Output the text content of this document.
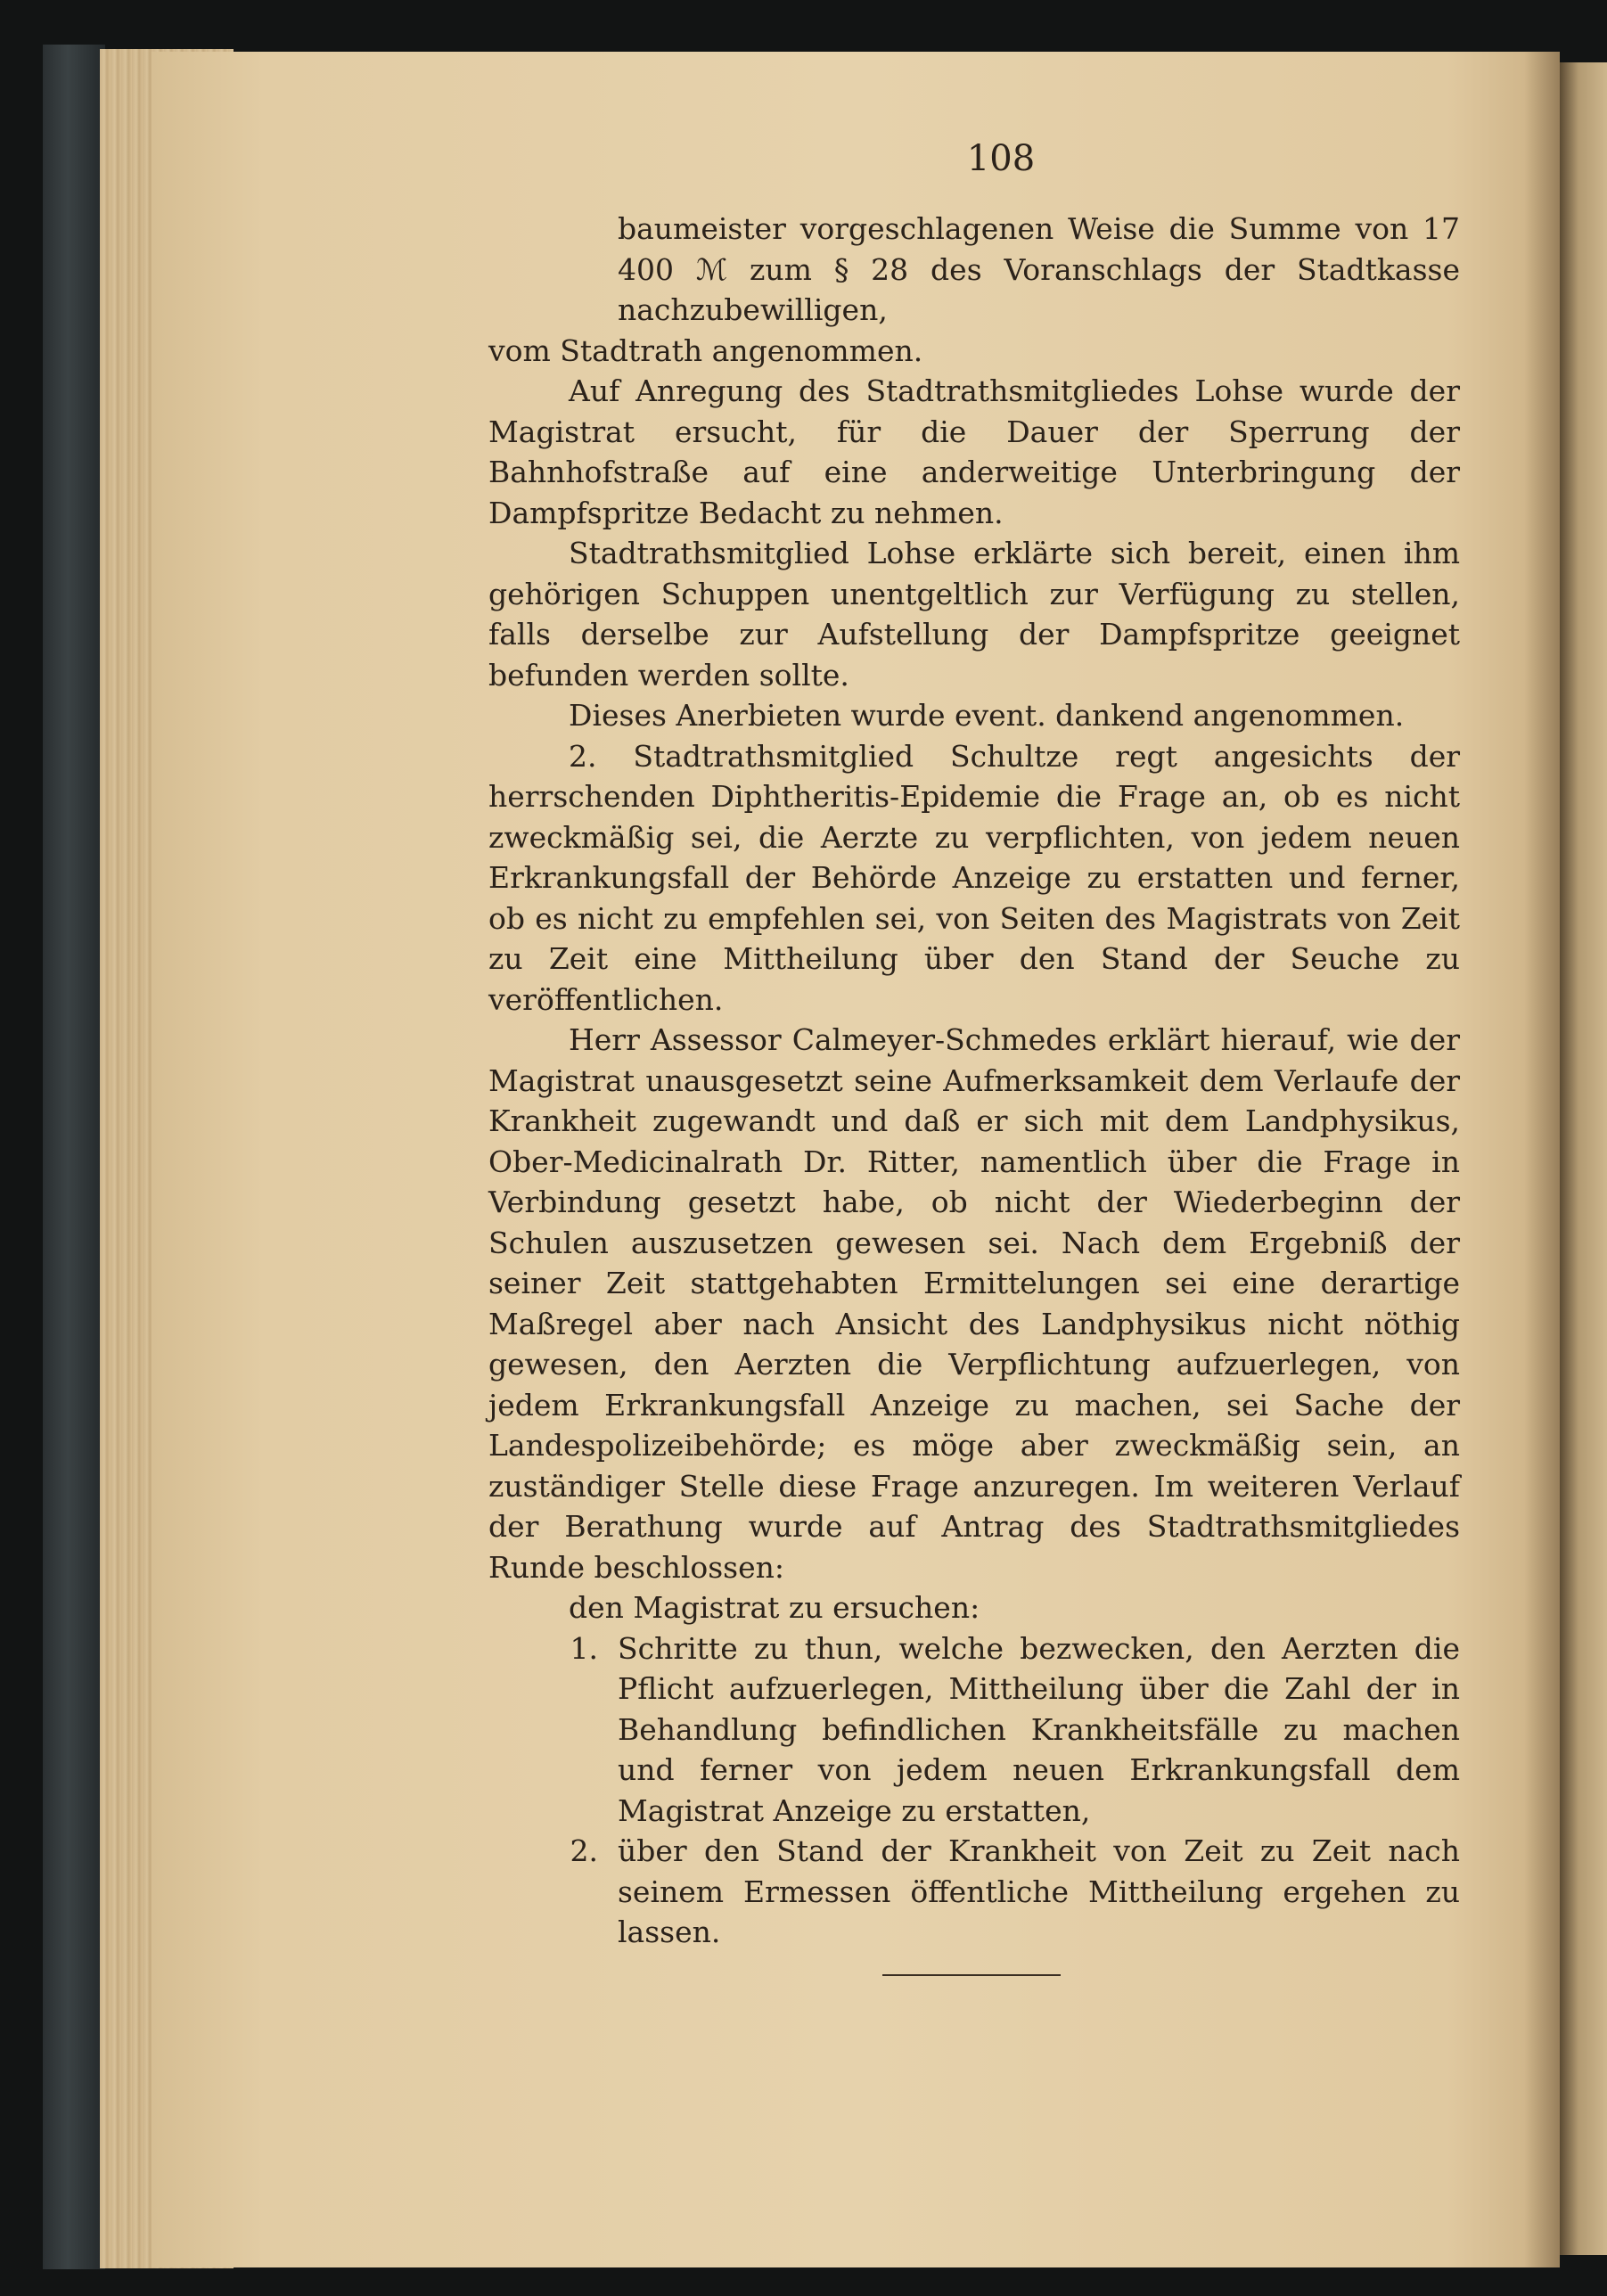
108

baumeister vorgeschlagenen Weise die Summe von 17 400 ℳ zum § 28 des Voranschlags der Stadtkasse nachzubewilligen,

vom Stadtrath angenommen.

Auf Anregung des Stadtrathsmitgliedes Lohse wurde der Magistrat ersucht, für die Dauer der Sperrung der Bahnhofstraße auf eine anderweitige Unterbringung der Dampfspritze Bedacht zu nehmen.

Stadtrathsmitglied Lohse erklärte sich bereit, einen ihm gehörigen Schuppen unentgeltlich zur Verfügung zu stellen, falls derselbe zur Aufstellung der Dampfspritze geeignet befunden werden sollte.

Dieses Anerbieten wurde event. dankend angenommen.

2. Stadtrathsmitglied Schultze regt angesichts der herrschenden Diphtheritis-Epidemie die Frage an, ob es nicht zweckmäßig sei, die Aerzte zu verpflichten, von jedem neuen Erkrankungsfall der Behörde Anzeige zu erstatten und ferner, ob es nicht zu empfehlen sei, von Seiten des Magistrats von Zeit zu Zeit eine Mittheilung über den Stand der Seuche zu veröffentlichen.

Herr Assessor Calmeyer-Schmedes erklärt hierauf, wie der Magistrat unausgesetzt seine Aufmerksamkeit dem Verlaufe der Krankheit zugewandt und daß er sich mit dem Landphysikus, Ober-Medicinalrath Dr. Ritter, namentlich über die Frage in Verbindung gesetzt habe, ob nicht der Wiederbeginn der Schulen auszusetzen gewesen sei. Nach dem Ergebniß der seiner Zeit stattgehabten Ermittelungen sei eine derartige Maßregel aber nach Ansicht des Landphysikus nicht nöthig gewesen, den Aerzten die Verpflichtung aufzuerlegen, von jedem Erkrankungsfall Anzeige zu machen, sei Sache der Landespolizeibehörde; es möge aber zweckmäßig sein, an zuständiger Stelle diese Frage anzuregen. Im weiteren Verlauf der Berathung wurde auf Antrag des Stadtrathsmitgliedes Runde beschlossen:

den Magistrat zu ersuchen:

1. Schritte zu thun, welche bezwecken, den Aerzten die Pflicht aufzuerlegen, Mittheilung über die Zahl der in Behandlung befindlichen Krankheitsfälle zu machen und ferner von jedem neuen Erkrankungsfall dem Magistrat Anzeige zu erstatten,
2. über den Stand der Krankheit von Zeit zu Zeit nach seinem Ermessen öffentliche Mittheilung ergehen zu lassen.
